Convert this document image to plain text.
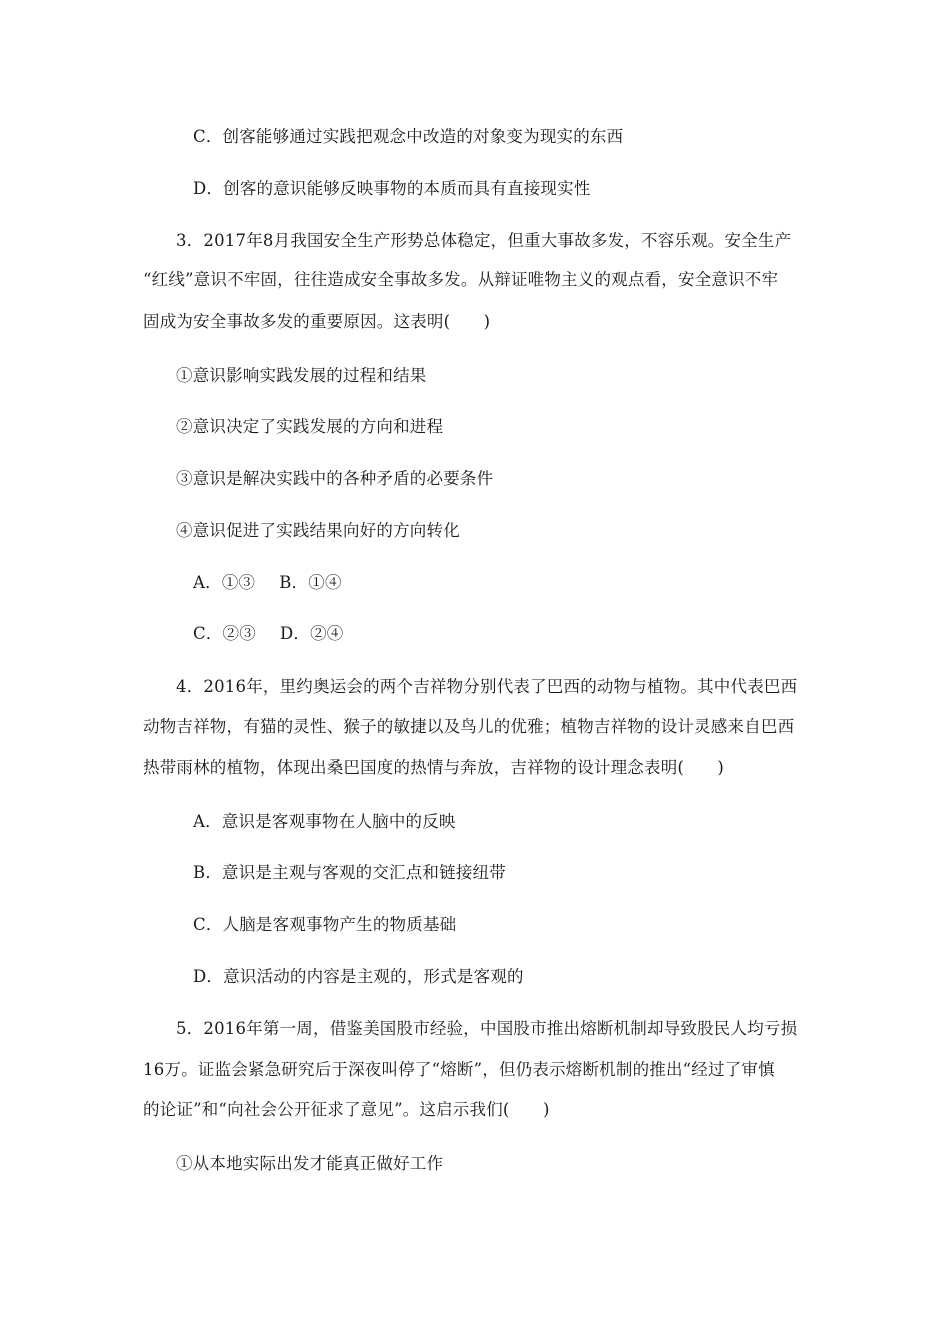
C．创客能够通过实践把观念中改造的对象变为现实的东西
D．创客的意识能够反映事物的本质而具有直接现实性
3．2017年8月我国安全生产形势总体稳定，但重大事故多发，不容乐观。安全生产
“红线”意识不牢固，往往造成安全事故多发。从辩证唯物主义的观点看，安全意识不牢
固成为安全事故多发的重要原因。这表明(　　)
①意识影响实践发展的过程和结果
②意识决定了实践发展的方向和进程
③意识是解决实践中的各种矛盾的必要条件
④意识促进了实践结果向好的方向转化
A．①③ B．①④
C．②③ D．②④
4．2016年，里约奥运会的两个吉祥物分别代表了巴西的动物与植物。其中代表巴西
动物吉祥物，有猫的灵性、猴子的敏捷以及鸟儿的优雅；植物吉祥物的设计灵感来自巴西
热带雨林的植物，体现出桑巴国度的热情与奔放，吉祥物的设计理念表明(　　)
A．意识是客观事物在人脑中的反映
B．意识是主观与客观的交汇点和链接纽带
C．人脑是客观事物产生的物质基础
D．意识活动的内容是主观的，形式是客观的
5．2016年第一周，借鉴美国股市经验，中国股市推出熔断机制却导致股民人均亏损
16万。证监会紧急研究后于深夜叫停了“熔断”，但仍表示熔断机制的推出“经过了审慎
的论证”和“向社会公开征求了意见”。这启示我们(　　)
①从本地实际出发才能真正做好工作
